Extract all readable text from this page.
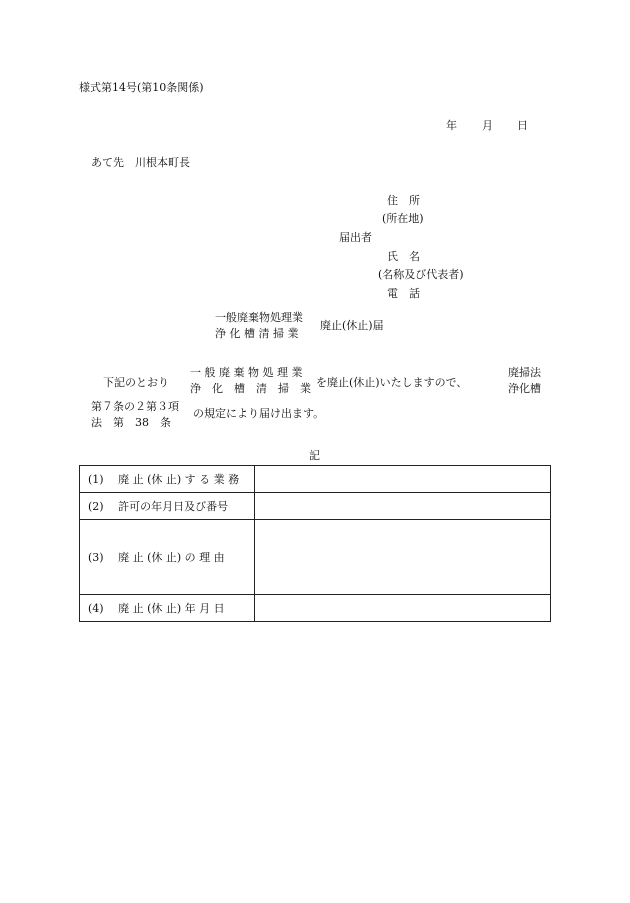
様式第14号(第10条関係)
年 月 日
あて先　川根本町長
住　所
(所在地)
届出者
氏　名
(名称及び代表者)
電　話
一般廃棄物処理業
浄 化 槽 清 掃 業
廃止(休止)届
下記のとおり
一 般 廃 棄 物 処 理 業
浄　化　槽　清　掃　業 を廃止(休止)いたしますので、
廃掃法
浄化槽
第７条の２第３項
法　第　38　条
の規定により届け出ます。
記
(1)　 廃 止 (休 止) す る 業 務	
(2)　 許可の年月日及び番号	
(3)　 廃 止 (休 止) の 理 由	
(4)　 廃 止 (休 止) 年 月 日	
